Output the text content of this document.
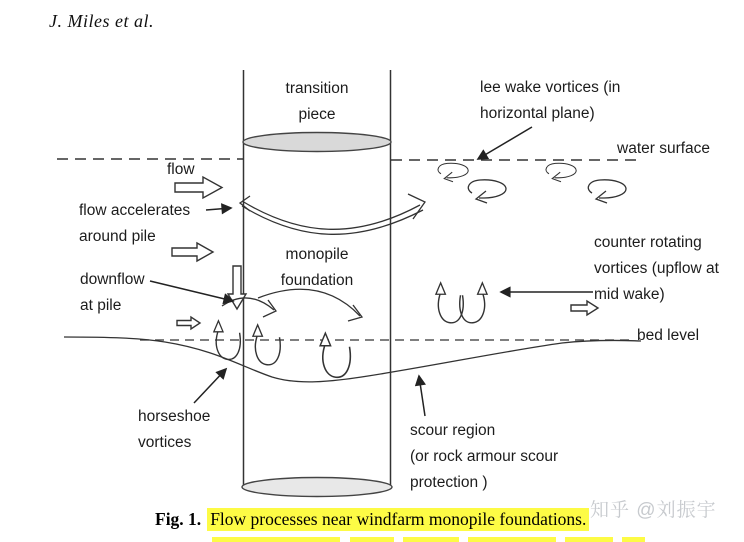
J. Miles et al.
transition
piece
lee wake vortices (in
horizontal plane)
water surface
flow
flow accelerates
around pile
monopile
foundation
counter rotating
vortices (upflow at
mid wake)
downflow
at pile
bed level
horseshoe
vortices
scour region
(or rock armour scour
protection )
Fig. 1. Flow processes near windfarm monopile foundations. 知乎 @刘振宇
